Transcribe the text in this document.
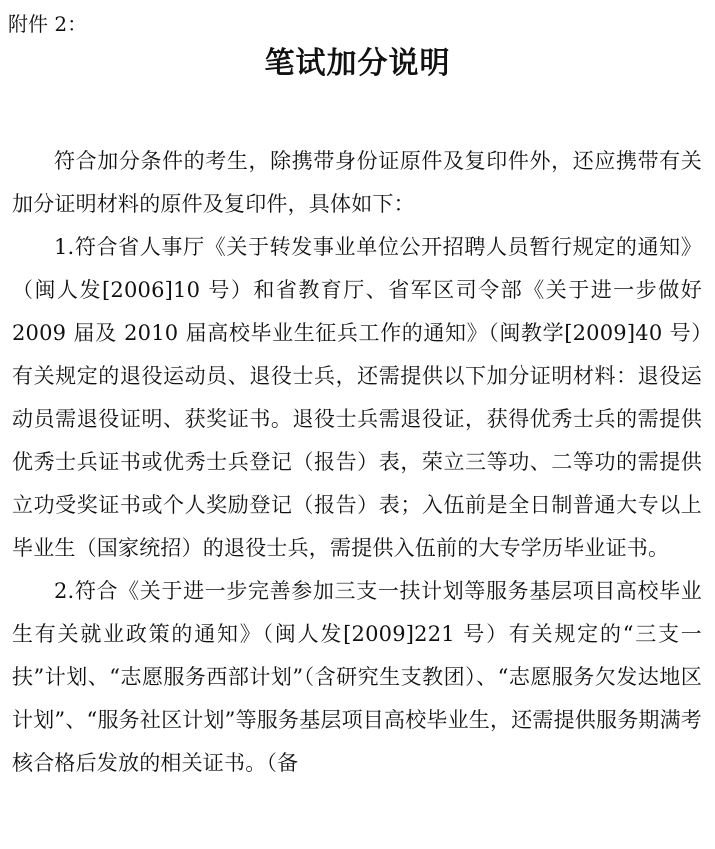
附件 2：
笔试加分说明

符合加分条件的考生，除携带身份证原件及复印件外，还应携带有关加分证明材料的原件及复印件，具体如下：

1.符合省人事厅《关于转发事业单位公开招聘人员暂行规定的通知》（闽人发[2006]10 号）和省教育厅、省军区司令部《关于进一步做好 2009 届及 2010 届高校毕业生征兵工作的通知》（闽教学[2009]40 号）有关规定的退役运动员、退役士兵，还需提供以下加分证明材料：退役运动员需退役证明、获奖证书。退役士兵需退役证，获得优秀士兵的需提供优秀士兵证书或优秀士兵登记（报告）表，荣立三等功、二等功的需提供立功受奖证书或个人奖励登记（报告）表；入伍前是全日制普通大专以上毕业生（国家统招）的退役士兵，需提供入伍前的大专学历毕业证书。

2.符合《关于进一步完善参加三支一扶计划等服务基层项目高校毕业生有关就业政策的通知》（闽人发[2009]221 号）有关规定的“三支一扶”计划、“志愿服务西部计划”（含研究生支教团）、“志愿服务欠发达地区计划”、“服务社区计划”等服务基层项目高校毕业生，还需提供服务期满考核合格后发放的相关证书。（备
